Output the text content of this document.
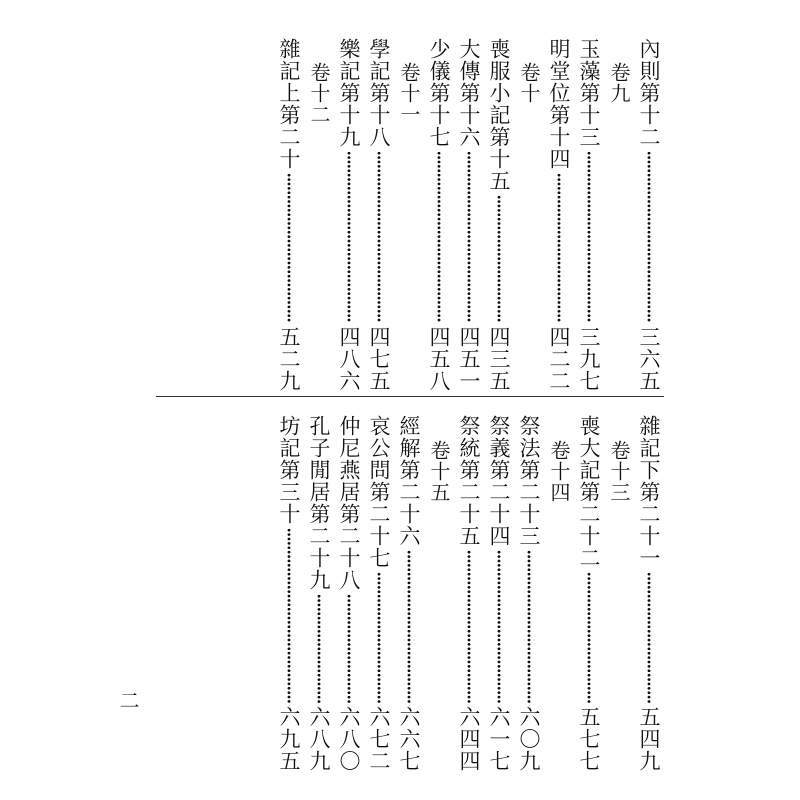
內則第十二
三六五
卷九
玉藻第十三
三九七
明堂位第十四
四二二
卷十
喪服小記第十五
四三五
大傳第十六
四五一
少儀第十七
四五八
卷十一
學記第十八
四七五
樂記第十九
四八六
卷十二
雜記上第二十
五二九
雜記下第二十一
五四九
卷十三
喪大記第二十二
五七七
卷十四
祭法第二十三
六〇九
祭義第二十四
六一七
祭統第二十五
六四四
卷十五
經解第二十六
六六七
哀公問第二十七
六七二
仲尼燕居第二十八
六八〇
孔子閒居第二十九
六八九
坊記第三十
六九五
二
